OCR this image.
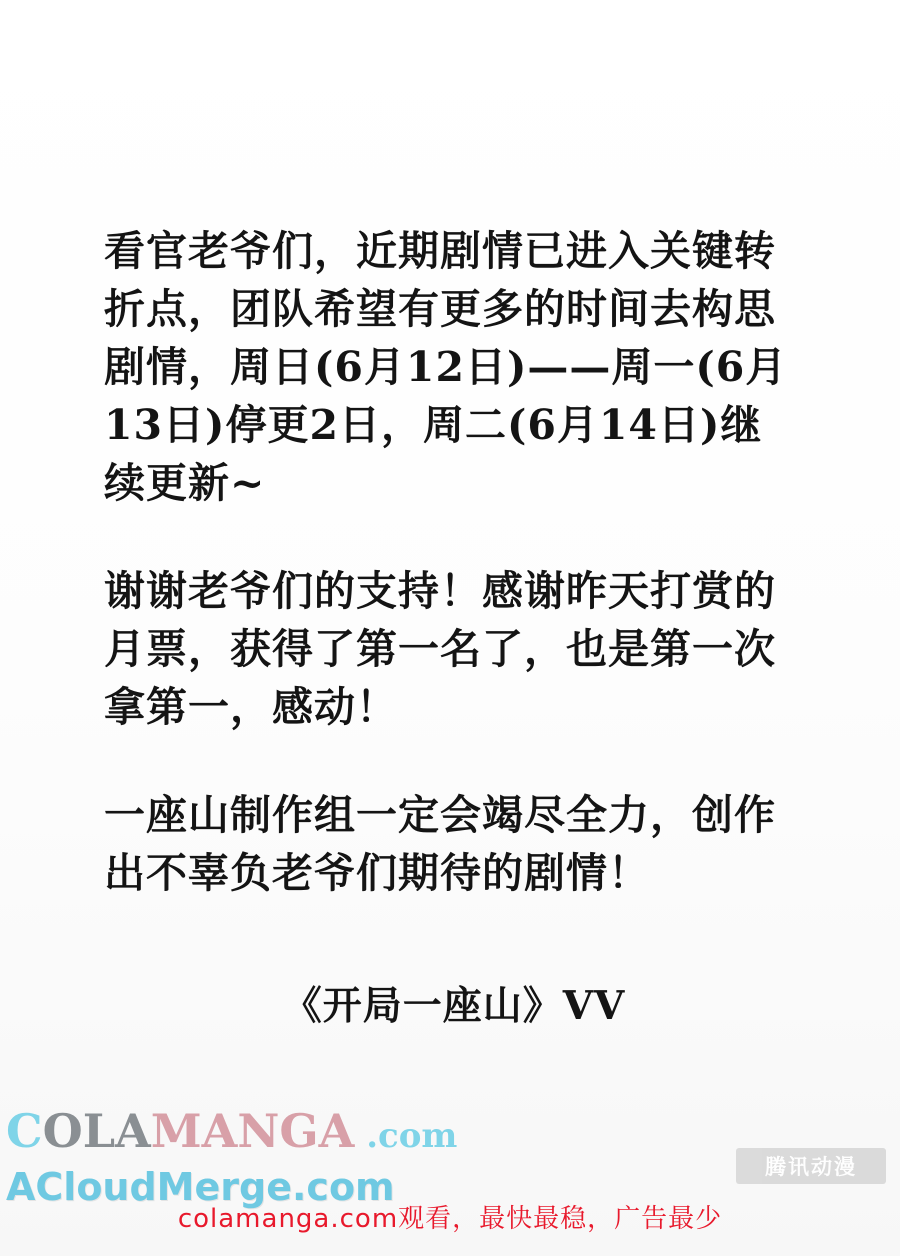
看官老爷们，近期剧情已进入关键转折点，团队希望有更多的时间去构思剧情，周日(6月12日)——周一(6月13日)停更2日，周二(6月14日)继续更新~

谢谢老爷们的支持！感谢昨天打赏的月票，获得了第一名了，也是第一次拿第一，感动！

一座山制作组一定会竭尽全力，创作出不辜负老爷们期待的剧情！

《开局一座山》VV
COLAMANGA .com
ACloudMerge.com	腾讯动漫
colamanga.com观看，最快最稳，广告最少
